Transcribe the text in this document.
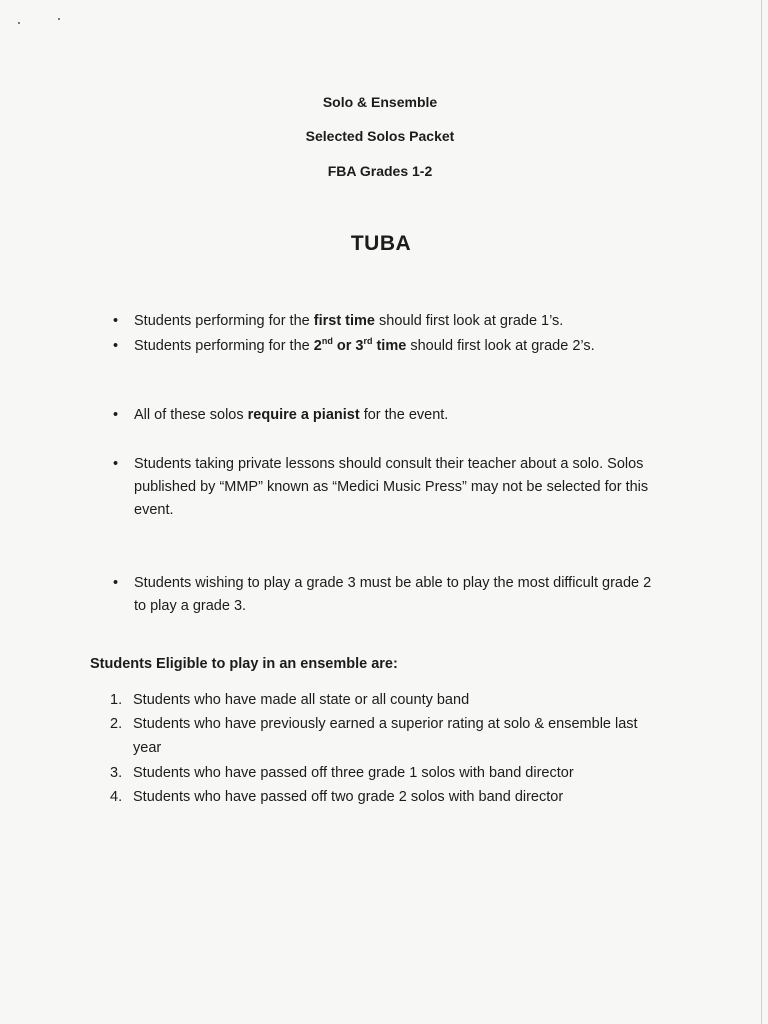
Solo & Ensemble
Selected Solos Packet
FBA Grades 1-2
TUBA
•	Students performing for the first time should first look at grade 1’s.
•	Students performing for the 2nd or 3rd time should first look at grade 2’s.
•	All of these solos require a pianist for the event.
•	Students taking private lessons should consult their teacher about a solo. Solos published by “MMP” known as “Medici Music Press” may not be selected for this event.
•	Students wishing to play a grade 3 must be able to play the most difficult grade 2 to play a grade 3.
Students Eligible to play in an ensemble are:
1. Students who have made all state or all county band
2. Students who have previously earned a superior rating at solo & ensemble last year
3. Students who have passed off three grade 1 solos with band director
4. Students who have passed off two grade 2 solos with band director
